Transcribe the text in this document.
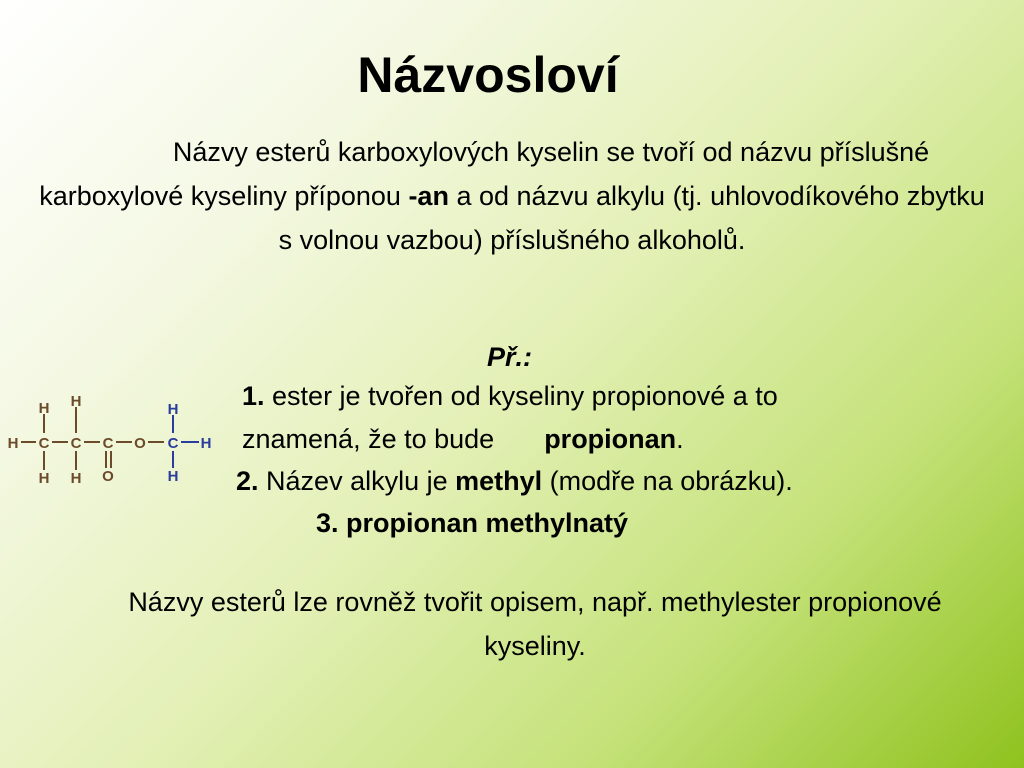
Názvosloví
Názvy esterů karboxylových kyselin se tvoří od názvu příslušné karboxylové kyseliny příponou -an a od názvu alkylu (tj. uhlovodíkového zbytku s volnou vazbou) příslušného alkoholů.
Př.:
H C
H
H
C
H
H
C
O
O C
H
H
H
1. ester je tvořen od kyseliny propionové a to
znamená, že to bude propionan.
2. Název alkylu je methyl (modře na obrázku).
3. propionan methylnatý
Názvy esterů lze rovněž tvořit opisem, např. methylester propionové kyseliny.
